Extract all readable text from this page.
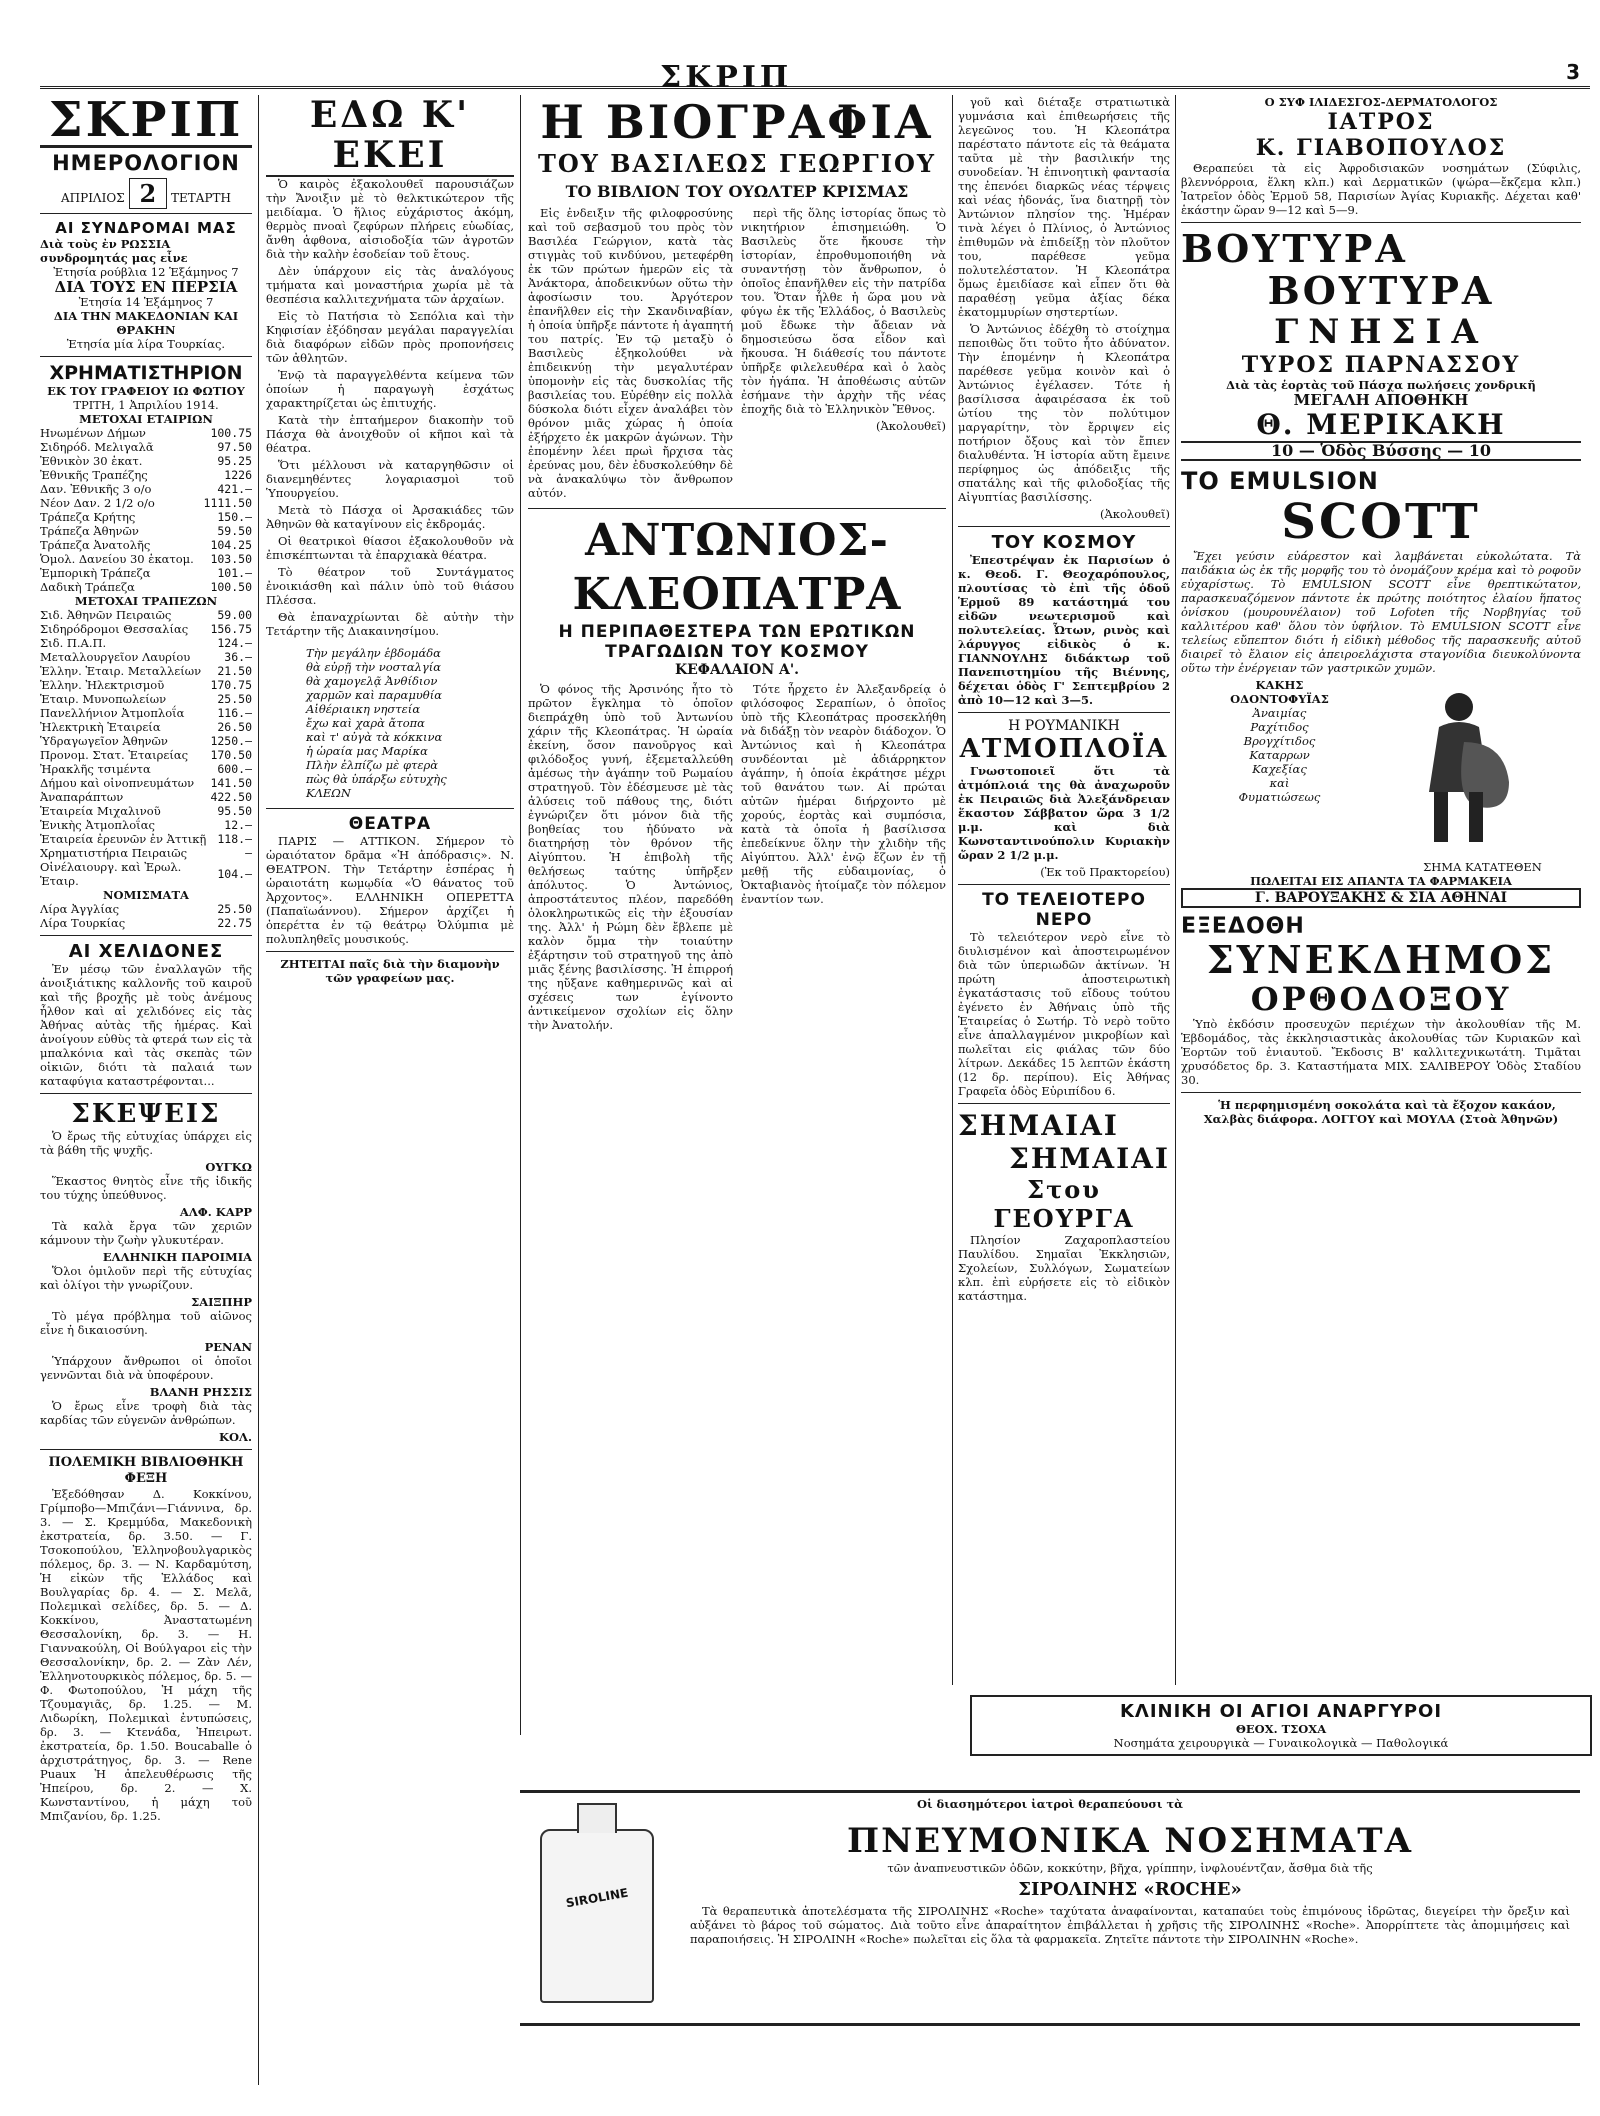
ΣΚΡΙΠ	3
ΣΚΡΙΠ
ΗΜΕΡΟΛΟΓΙΟΝ
ΑΠΡΙΛΙΟΣ 2 ΤΕΤΑΡΤΗ
ΑΙ ΣΥΝΔΡΟΜΑΙ ΜΑΣ
Διὰ τοὺς ἐν ΡΩΣΣΙΑ συνδρομητάς μας εἶνε
Ἐτησία ρούβλια 12 Ἑξάμηνος 7
ΔΙΑ ΤΟΥΣ ΕΝ ΠΕΡΣΙΑ
Ἐτησία 14 Ἑξάμηνος 7
ΔΙΑ ΤΗΝ ΜΑΚΕΔΟΝΙΑΝ ΚΑΙ ΘΡΑΚΗΝ
Ἐτησία μία λίρα Τουρκίας.
ΧΡΗΜΑΤΙΣΤΗΡΙΟΝ
ΕΚ ΤΟΥ ΓΡΑΦΕΙΟΥ ΙΩ ΦΩΤΙΟΥ
ΤΡΙΤΗ, 1 Ἀπριλίου 1914.
ΜΕΤΟΧΑΙ ΕΤΑΙΡΙΩΝ
Ηνωμένων Δήμων	100.75
Σιδηρόδ. Μελιγαλᾶ	97.50
Ἐθνικὸν 30 ἑκατ.	95.25
Ἐθνικῆς Τραπέζης	1226
Δαν. Ἐθνικῆς 3 ο/ο	421.—
Νέον Δαν. 2 1/2 ο/ο	1111.50
Τράπεζα Κρήτης	150.—
Τράπεζα Ἀθηνῶν	59.50
Τράπεζα Ἀνατολῆς	104.25
Ὁμολ. Δανείου 30 ἑκατομ.	103.50
Ἐμπορικὴ Τράπεζα	101.—
Δαδικὴ Τράπεζα	100.50
ΜΕΤΟΧΑΙ ΤΡΑΠΕΖΩΝ
Σιδ. Ἀθηνῶν Πειραιῶς	59.00
Σιδηρόδρομοι Θεσσαλίας	156.75
Σιδ. Π.Α.Π.	124.—
Μεταλλουργεῖον Λαυρίου	36.—
Ἑλλην. Ἑταιρ. Μεταλλείων	21.50
Ἑλλην. Ἠλεκτρισμοῦ	170.75
Ἑταιρ. Μυνοπωλείων	25.50
Πανελλήνιον Ἀτμοπλοΐα	116.—
Ἠλεκτρικὴ Ἑταιρεία	26.50
Ὑδραγωγεῖον Ἀθηνῶν	1250.—
Προνομ. Στατ. Ἑταιρείας	170.50
Ἠρακλῆς τσιμέντα	600.—
Δήμου καὶ οἰνοπνευμάτων	141.50
Ἀναπαράπτων	422.50
Ἑταιρεία Μιχαλινοῦ	95.50
Ἑνικὴς Ἀτμοπλοΐας	12.—
Ἑταιρεία ἐρευνῶν ἐν Ἀττικῇ	118.—
Χρηματιστήρια Πειραιῶς	—
Οἰνέλαιουργ. καὶ Ἐρωλ. Ἑταιρ.	104.—
ΝΟΜΙΣΜΑΤΑ
Λίρα Ἀγγλίας	25.50
Λίρα Τουρκίας	22.75
ΑΙ ΧΕΛΙΔΟΝΕΣ

Ἐν μέσῳ τῶν ἐναλλαγῶν τῆς ἀνοιξιάτικης καλλονῆς τοῦ καιροῦ καὶ τῆς βροχῆς μὲ τοὺς ἀνέμους ἦλθον καὶ αἱ χελιδόνες εἰς τὰς Ἀθήνας αὐτὰς τῆς ἡμέρας. Καὶ ἀνοίγουν εὐθὺς τὰ φτερά των εἰς τὰ μπαλκόνια καὶ τὰς σκεπὰς τῶν οἰκιῶν, διότι τὰ παλαιά των καταφύγια καταστρέφονται...

ΣΚΕΨΕΙΣ

Ὁ ἔρως τῆς εὐτυχίας ὑπάρχει εἰς τὰ βάθη τῆς ψυχῆς.

ΟΥΓΚΩ

Ἕκαστος θνητὸς εἶνε τῆς ἰδικῆς του τύχης ὑπεύθυνος.

ΑΛΦ. ΚΑΡΡ

Τὰ καλὰ ἔργα τῶν χεριῶν κάμνουν τὴν ζωὴν γλυκυτέραν.

ΕΛΛΗΝΙΚΗ ΠΑΡΟΙΜΙΑ

Ὅλοι ὁμιλοῦν περὶ τῆς εὐτυχίας καὶ ὀλίγοι τὴν γνωρίζουν.

ΣΑΙΞΠΗΡ

Τὸ μέγα πρόβλημα τοῦ αἰῶνος εἶνε ἡ δικαιοσύνη.

ΡΕΝΑΝ

Ὑπάρχουν ἄνθρωποι οἱ ὁποῖοι γεννῶνται διὰ νὰ ὑποφέρουν.

ΒΛΑΝΗ ΡΗΣΣΙΣ

Ὁ ἔρως εἶνε τροφὴ διὰ τὰς καρδίας τῶν εὐγενῶν ἀνθρώπων.

ΚΟΛ.
ΠΟΛΕΜΙΚΗ ΒΙΒΛΙΟΘΗΚΗ ΦΕΞΗ

Ἐξεδόθησαν Δ. Κοκκίνου, Γρίμποβο—Μπιζάνι—Γιάννινα, δρ. 3. — Σ. Κρεμμύδα, Μακεδονικὴ ἐκστρατεία, δρ. 3.50. — Γ. Τσοκοπούλου, Ἑλληνοβουλγαρικὸς πόλεμος, δρ. 3. — Ν. Καρδαμύτση, Ἡ εἰκὼν τῆς Ἑλλάδος καὶ Βουλγαρίας δρ. 4. — Σ. Μελᾶ, Πολεμικαὶ σελίδες, δρ. 5. — Δ. Κοκκίνου, Ἀναστατωμένη Θεσσαλονίκη, δρ. 3. — Η. Γιαννακούλη, Οἱ Βούλγαροι εἰς τὴν Θεσσαλονίκην, δρ. 2. — Ζὰν Λέν, Ἑλληνοτουρκικὸς πόλεμος, δρ. 5. — Φ. Φωτοπούλου, Ἡ μάχη τῆς Τζουμαγιᾶς, δρ. 1.25. — Μ. Λιδωρίκη, Πολεμικαὶ ἐντυπώσεις, δρ. 3. — Κτενάδα, Ἠπειρωτ. ἐκστρατεία, δρ. 1.50. Boucaballe ὁ ἀρχιστράτηγος, δρ. 3. — Rene Puaux Ἡ ἀπελευθέρωσις τῆς Ἠπείρου, δρ. 2. — Χ. Κωνσταντίνου, ἡ μάχη τοῦ Μπιζανίου, δρ. 1.25.

ΕΔΩ Κ' ΕΚΕΙ

Ὁ καιρὸς ἐξακολουθεῖ παρουσιάζων τὴν Ἄνοιξιν μὲ τὸ θελκτικώτερον τῆς μειδίαμα. Ὁ ἥλιος εὐχάριστος ἀκόμη, θερμὸς πνοαὶ ζεφύρων πλήρεις εὐωδίας, ἄνθη ἀφθονα, αἰσιοδοξία τῶν ἀγροτῶν διὰ τὴν καλὴν ἐσοδείαν τοῦ ἔτους.

Δὲν ὑπάρχουν εἰς τὰς ἀναλόγους τμήματα καὶ μοναστήρια χωρία μὲ τὰ θεσπέσια καλλιτεχνήματα τῶν ἀρχαίων.

Εἰς τὸ Πατήσια τὸ Σεπόλια καὶ τὴν Κηφισίαν ἐξόδησαν μεγάλαι παραγγελίαι διὰ διαφόρων εἰδῶν πρὸς προπονήσεις τῶν ἀθλητῶν.

Ἐνῷ τὰ παραγγελθέντα κείμενα τῶν ὁποίων ἡ παραγωγὴ ἐσχάτως χαρακτηρίζεται ὡς ἐπιτυχής.

Κατὰ τὴν ἑπταήμερον διακοπὴν τοῦ Πάσχα θὰ ἀνοιχθοῦν οἱ κῆποι καὶ τὰ θέατρα.

Ὅτι μέλλουσι νὰ καταργηθῶσιν οἱ διανεμηθέντες λογαριασμοὶ τοῦ Ὑπουργείου.

Μετὰ τὸ Πάσχα οἱ Ἀρσακιάδες τῶν Ἀθηνῶν θὰ καταγίνουν εἰς ἐκδρομάς.

Οἱ θεατρικοὶ θίασοι ἐξακολουθοῦν νὰ ἐπισκέπτωνται τὰ ἐπαρχιακὰ θέατρα.

Τὸ θέατρον τοῦ Συντάγματος ἐνοικιάσθη καὶ πάλιν ὑπὸ τοῦ θιάσου Πλέσσα.

Θὰ ἐπαναχρίωνται δὲ αὐτὴν τὴν Τετάρτην τῆς Διακαινησίμου.

Τὴν μεγάλην ἑβδομάδα
θὰ εὐρῇ τὴν νοσταλγία
θὰ χαμογελᾷ Ἀνθίδιον
χαρμῶν καὶ παραμυθία
Αἰθέριαικη νηστεία
ἔχω καὶ χαρὰ ἄτοπα
καὶ τ' αὐγὰ τὰ κόκκινα
ἡ ὡραία μας Μαρίκα
Πλὴν ἐλπίζω μὲ φτερὰ
πὼς θὰ ὑπάρξω εὐτυχὴς
ΚΛΕΩΝ
ΘΕΑΤΡΑ

ΠΑΡΙΣ — ΑΤΤΙΚΟΝ. Σήμερον τὸ ὡραιότατον δρᾶμα «Ἡ ἀπόδρασις». Ν. ΘΕΑΤΡΟΝ. Τὴν Τετάρτην ἐσπέρας ἡ ὡραιοτάτη κωμῳδία «Ὁ θάνατος τοῦ Ἀρχοντος». ΕΛΛΗΝΙΚΗ ΟΠΕΡΕΤΤΑ (Παπαϊωάννου). Σήμερον ἀρχίζει ἡ ὀπερέττα ἐν τῷ θεάτρῳ Ὀλύμπια μὲ πολυπληθεῖς μουσικούς.

ΖΗΤΕΙΤΑΙ παῖς διὰ τὴν διαμονὴν τῶν γραφείων μας.
Η ΒΙΟΓΡΑΦΙΑ
ΤΟΥ ΒΑΣΙΛΕΩΣ ΓΕΩΡΓΙΟΥ
ΤΟ ΒΙΒΛΙΟΝ ΤΟΥ ΟΥΩΛΤΕΡ ΚΡΙΣΜΑΣ

Εἰς ἐνδειξιν τῆς φιλοφροσύνης καὶ τοῦ σεβασμοῦ του πρὸς τὸν Βασιλέα Γεώργιον, κατὰ τὰς στιγμὰς τοῦ κινδύνου, μετεφέρθη ἐκ τῶν πρώτων ἡμερῶν εἰς τὰ Ἀνάκτορα, ἀποδεικνύων οὕτω τὴν ἀφοσίωσιν του. Ἀργότερον ἐπανῆλθεν εἰς τὴν Σκανδιναβίαν, ἡ ὁποία ὑπῆρξε πάντοτε ἡ ἀγαπητή του πατρίς. Ἐν τῷ μεταξὺ ὁ Βασιλεὺς ἐξηκολούθει νὰ ἐπιδεικνύῃ τὴν μεγαλυτέραν ὑπομονὴν εἰς τὰς δυσκολίας τῆς βασιλείας του. Εὐρέθην εἰς πολλὰ δύσκολα διότι εἶχεν ἀναλάβει τὸν θρόνον μιᾶς χώρας ἡ ὁποία ἐξήρχετο ἐκ μακρῶν ἀγώνων. Τὴν ἐπομένην λέει πρωὶ ἤρχισα τὰς ἐρεύνας μου, δὲν ἐδυσκολεύθην δὲ νὰ ἀνακαλύψω τὸν ἄνθρωπον αὐτόν.

περὶ τῆς ὅλης ἱστορίας ὅπως τὸ νικητήριον ἐπισημειώθη. Ὁ Βασιλεὺς ὅτε ἤκουσε τὴν ἱστορίαν, ἐπροθυμοποιήθη νὰ συναντήσῃ τὸν ἄνθρωπον, ὁ ὁποῖος ἐπανῆλθεν εἰς τὴν πατρίδα του. Ὅταν ἦλθε ἡ ὥρα μου νὰ φύγω ἐκ τῆς Ἑλλάδος, ὁ Βασιλεὺς μοῦ ἔδωκε τὴν ἄδειαν νὰ δημοσιεύσω ὅσα εἶδον καὶ ἤκουσα. Ἡ διάθεσίς του πάντοτε ὑπῆρξε φιλελευθέρα καὶ ὁ λαὸς τὸν ἠγάπα. Ἡ ἀποθέωσις αὐτῶν ἐσήμανε τὴν ἀρχὴν τῆς νέας ἐποχῆς διὰ τὸ Ἑλληνικὸν Ἔθνος.

(Ἀκολουθεῖ)
ΑΝΤΩΝΙΟΣ-ΚΛΕΟΠΑΤΡΑ
Η ΠΕΡΙΠΑΘΕΣΤΕΡΑ ΤΩΝ ΕΡΩΤΙΚΩΝ
ΤΡΑΓΩΔΙΩΝ ΤΟΥ ΚΟΣΜΟΥ
ΚΕΦΑΛΑΙΟΝ Α'.

Ὁ φόνος τῆς Ἀρσινόης ἦτο τὸ πρῶτον ἔγκλημα τὸ ὁποῖον διεπράχθη ὑπὸ τοῦ Ἀντωνίου χάριν τῆς Κλεοπάτρας. Ἡ ὡραία ἐκείνη, ὅσον πανοῦργος καὶ φιλόδοξος γυνή, ἐξεμεταλλεύθη ἀμέσως τὴν ἀγάπην τοῦ Ρωμαίου στρατηγοῦ. Τὸν ἐδέσμευσε μὲ τὰς ἀλύσεις τοῦ πάθους της, διότι ἐγνώριζεν ὅτι μόνον διὰ τῆς βοηθείας του ἠδύνατο νὰ διατηρήσῃ τὸν θρόνον τῆς Αἰγύπτου. Ἡ ἐπιβολὴ τῆς θελήσεως ταύτης ὑπῆρξεν ἀπόλυτος. Ὁ Ἀντώνιος, ἀπροστάτευτος πλέον, παρεδόθη ὁλοκληρωτικῶς εἰς τὴν ἐξουσίαν της. Ἀλλ' ἡ Ρώμη δὲν ἔβλεπε μὲ καλὸν ὄμμα τὴν τοιαύτην ἐξάρτησιν τοῦ στρατηγοῦ της ἀπὸ μιᾶς ξένης βασιλίσσης. Ἡ ἐπιρροή της ηὔξανε καθημερινῶς καὶ αἱ σχέσεις των ἐγίνοντο ἀντικείμενον σχολίων εἰς ὅλην τὴν Ἀνατολήν.

Τότε ἦρχετο ἐν Ἀλεξανδρείᾳ ὁ φιλόσοφος Σεραπίων, ὁ ὁποῖος ὑπὸ τῆς Κλεοπάτρας προσεκλήθη νὰ διδάξῃ τὸν νεαρὸν διάδοχον. Ὁ Ἀντώνιος καὶ ἡ Κλεοπάτρα συνδέονται μὲ ἀδιάρρηκτον ἀγάπην, ἡ ὁποία ἐκράτησε μέχρι τοῦ θανάτου των. Αἱ πρώται αὐτῶν ἡμέραι διήρχοντο μὲ χορούς, ἑορτὰς καὶ συμπόσια, κατὰ τὰ ὁποῖα ἡ βασίλισσα ἐπεδείκνυε ὅλην τὴν χλιδὴν τῆς Αἰγύπτου. Ἀλλ' ἐνῷ ἔζων ἐν τῇ μεθῇ τῆς εὐδαιμονίας, ὁ Ὀκταβιανὸς ἡτοίμαζε τὸν πόλεμον ἐναντίον των.

γοῦ καὶ διέταξε στρατιωτικὰ γυμνάσια καὶ ἐπιθεωρήσεις τῆς λεγεῶνος του. Ἡ Κλεοπάτρα παρέστατο πάντοτε εἰς τὰ θεάματα ταῦτα μὲ τὴν βασιλικήν της συνοδείαν. Ἡ ἐπινοητικὴ φαντασία της ἐπενόει διαρκῶς νέας τέρψεις καὶ νέας ἡδονάς, ἵνα διατηρῇ τὸν Ἀντώνιον πλησίον της. Ἡμέραν τινὰ λέγει ὁ Πλίνιος, ὁ Ἀντώνιος ἐπιθυμῶν νὰ ἐπιδείξῃ τὸν πλοῦτον του, παρέθεσε γεῦμα πολυτελέστατον. Ἡ Κλεοπάτρα ὅμως ἐμειδίασε καὶ εἶπεν ὅτι θὰ παραθέσῃ γεῦμα ἀξίας δέκα ἑκατομμυρίων σηστερτίων.

Ὁ Ἀντώνιος ἐδέχθη τὸ στοίχημα πεποιθὼς ὅτι τοῦτο ἦτο ἀδύνατον. Τὴν ἑπομένην ἡ Κλεοπάτρα παρέθεσε γεῦμα κοινὸν καὶ ὁ Ἀντώνιος ἐγέλασεν. Τότε ἡ βασίλισσα ἀφαιρέσασα ἐκ τοῦ ὠτίου της τὸν πολύτιμον μαργαρίτην, τὸν ἔρριψεν εἰς ποτήριον ὄξους καὶ τὸν ἔπιεν διαλυθέντα. Ἡ ἱστορία αὕτη ἔμεινε περίφημος ὡς ἀπόδειξις τῆς σπατάλης καὶ τῆς φιλοδοξίας τῆς Αἰγυπτίας βασιλίσσης.

(Ἀκολουθεῖ)
ΤΟΥ ΚΟΣΜΟΥ

Ἐπεστρέψαν ἐκ Παρισίων ὁ κ. Θεοδ. Γ. Θεοχαρόπουλος, πλουτίσας τὸ ἐπὶ τῆς ὁδοῦ Ἑρμοῦ 89 κατάστημά του εἰδῶν νεωτερισμοῦ καὶ πολυτελείας. Ὦτων, ρινὸς καὶ λάρυγγος εἰδικὸς ὁ κ. ΓΙΑΝΝΟΥΛΗΣ διδάκτωρ τοῦ Πανεπιστημίου τῆς Βιέννης, δέχεται ὁδὸς Γ' Σεπτεμβρίου 2 ἀπὸ 10—12 καὶ 3—5.

Η ΡΟΥΜΑΝΙΚΗ
ΑΤΜΟΠΛΟΪΑ

Γνωστοποιεῖ ὅτι τὰ ἀτμόπλοιά της θὰ ἀναχωροῦν ἐκ Πειραιῶς διὰ Ἀλεξάνδρειαν ἕκαστον Σάββατον ὥρα 3 1/2 μ.μ. καὶ διὰ Κωνσταντινούπολιν Κυριακὴν ὥραν 2 1/2 μ.μ.

(Ἐκ τοῦ Πρακτορείου)
ΤΟ ΤΕΛΕΙΟΤΕΡΟ ΝΕΡΟ

Τὸ τελειότερον νερὸ εἶνε τὸ διυλισμένον καὶ ἀποστειρωμένον διὰ τῶν ὑπεριωδῶν ἀκτίνων. Ἡ πρώτη ἀποστειρωτικὴ ἐγκατάστασις τοῦ εἴδους τούτου ἐγένετο ἐν Ἀθήναις ὑπὸ τῆς Ἑταιρείας ὁ Σωτήρ. Τὸ νερὸ τοῦτο εἶνε ἀπαλλαγμένον μικροβίων καὶ πωλεῖται εἰς φιάλας τῶν δύο λίτρων. Δεκάδες 15 λεπτῶν ἑκάστη (12 δρ. περίπου). Εἰς Ἀθήνας Γραφεῖα ὁδὸς Εὐριπίδου 6.

ΣΗΜΑΙΑΙ
ΣΗΜΑΙΑΙ
Στου ΓΕΟΥΡΓΑ

Πλησίον Ζαχαροπλαστείου Παυλίδου. Σημαῖαι Ἐκκλησιῶν, Σχολείων, Συλλόγων, Σωματείων κλπ. ἐπὶ εὐρήσετε εἰς τὸ εἰδικὸν κατάστημα.

Ο ΣΥΦ ΙΛΙΔΕΣΓΟΣ-ΔΕΡΜΑΤΟΛΟΓΟΣ
ΙΑΤΡΟΣ
Κ. ΓΙΑΒΟΠΟΥΛΟΣ

Θεραπεύει τὰ εἰς Ἀφροδισιακῶν νοσημάτων (Σύφιλις, βλεννόρροια, ἕλκη κλπ.) καὶ Δερματικῶν (ψώρα—ἔκζεμα κλπ.) Ἰατρεῖον ὁδὸς Ἑρμοῦ 58, Παρισίων Ἀγίας Κυριακῆς. Δέχεται καθ' ἑκάστην ὥραν 9—12 καὶ 5—9.

ΒΟΥΤΥΡΑ
ΒΟΥΤΥΡΑ
ΓΝΗΣΙΑ
ΤΥΡΟΣ ΠΑΡΝΑΣΣΟΥ
Διὰ τὰς ἑορτὰς τοῦ Πάσχα πωλήσεις χονδρικῆ
ΜΕΓΑΛΗ ΑΠΟΘΗΚΗ
Θ. ΜΕΡΙΚΑΚΗ
10 — Ὁδὸς Βύσσης — 10
ΤΟ EMULSION
SCOTT

Ἔχει γεύσιν εὐάρεστον καὶ λαμβάνεται εὐκολώτατα. Τὰ παιδάκια ὡς ἐκ τῆς μορφῆς του τὸ ὀνομάζουν κρέμα καὶ τὸ ροφοῦν εὐχαρίστως. Τὸ EMULSION SCOTT εἶνε θρεπτικώτατον, παρασκευαζόμενον πάντοτε ἐκ πρώτης ποιότητος ἐλαίου ἥπατος ὀνίσκου (μουρουνέλαιον) τοῦ Lofoten τῆς Νορβηγίας τοῦ καλλιτέρου καθ' ὅλου τὸν ὑφήλιον. Τὸ EMULSION SCOTT εἶνε τελείως εὔπεπτον διότι ἡ εἰδικὴ μέθοδος τῆς παρασκευῆς αὐτοῦ διαιρεῖ τὸ ἔλαιον εἰς ἀπειροελάχιστα σταγονίδια διευκολύνοντα οὕτω τὴν ἐνέργειαν τῶν γαστρικῶν χυμῶν.

ΚΑΚΗΣ
ΟΔΟΝΤΟΦΥΪΑΣ
Ἀναιμίας
Ραχίτιδος
Βρογχίτιδος
Καταρρων
Καχεξίας
καὶ
Φυματιώσεως
ΣΗΜΑ ΚΑΤΑΤΕΘΕΝ
ΠΩΛΕΙΤΑΙ ΕΙΣ ΑΠΑΝΤΑ ΤΑ ΦΑΡΜΑΚΕΙΑ
Γ. ΒΑΡΟΥΞΑΚΗΣ & ΣΙΑ ΑΘΗΝΑΙ
ΕΞΕΔΟΘΗ
ΣΥΝΕΚΔΗΜΟΣ
ΟΡΘΟΔΟΞΟΥ

Ὑπὸ ἐκδόσιν προσευχῶν περιέχων τὴν ἀκολουθίαν τῆς Μ. Ἑβδομάδος, τὰς ἐκκλησιαστικὰς ἀκολουθίας τῶν Κυριακῶν καὶ Ἑορτῶν τοῦ ἐνιαυτοῦ. Ἔκδοσις Β' καλλιτεχνικωτάτη. Τιμᾶται χρυσόδετος δρ. 3. Καταστήματα ΜΙΧ. ΣΑΛΙΒΕΡΟΥ Ὁδὸς Σταδίου 30.

Ἡ περφημισμένη σοκολάτα καὶ τὰ ἔξοχον κακάον, Χαλβὰς διάφορα. ΛΟΓΓΟΥ καὶ ΜΟΥΛΑ (Στοὰ Ἀθηνῶν)

ΚΛΙΝΙΚΗ ΟΙ ΑΓΙΟΙ ΑΝΑΡΓΥΡΟΙ
ΘΕΟΧ. ΤΣΟΧΑ
Νοσημάτα χειρουργικὰ — Γυναικολογικὰ — Παθολογικά
Οἱ διασημότεροι ἰατροὶ θεραπεύουσι τὰ
SIROLINE
ΠΝΕΥΜΟΝΙΚΑ ΝΟΣΗΜΑΤΑ
τῶν ἀναπνευστικῶν ὁδῶν, κοκκύτην, βῆχα, γρίππην, ἰνφλουέντζαν, ἄσθμα διὰ τῆς
ΣΙΡΟΛΙΝΗΣ «ROCHE»

Τὰ θεραπευτικὰ ἀποτελέσματα τῆς ΣΙΡΟΛΙΝΗΣ «Roche» ταχύτατα ἀναφαίνονται, καταπαύει τοὺς ἐπιμόνους ἱδρῶτας, διεγείρει τὴν ὄρεξιν καὶ αὐξάνει τὸ βάρος τοῦ σώματος. Διὰ τοῦτο εἶνε ἀπαραίτητον ἐπιβάλλεται ἡ χρῆσις τῆς ΣΙΡΟΛΙΝΗΣ «Roche». Ἀπορρίπτετε τὰς ἀπομιμήσεις καὶ παραποιήσεις. Ἡ ΣΙΡΟΛΙΝΗ «Roche» πωλεῖται εἰς ὅλα τὰ φαρμακεῖα. Ζητεῖτε πάντοτε τὴν ΣΙΡΟΛΙΝΗΝ «Roche».
